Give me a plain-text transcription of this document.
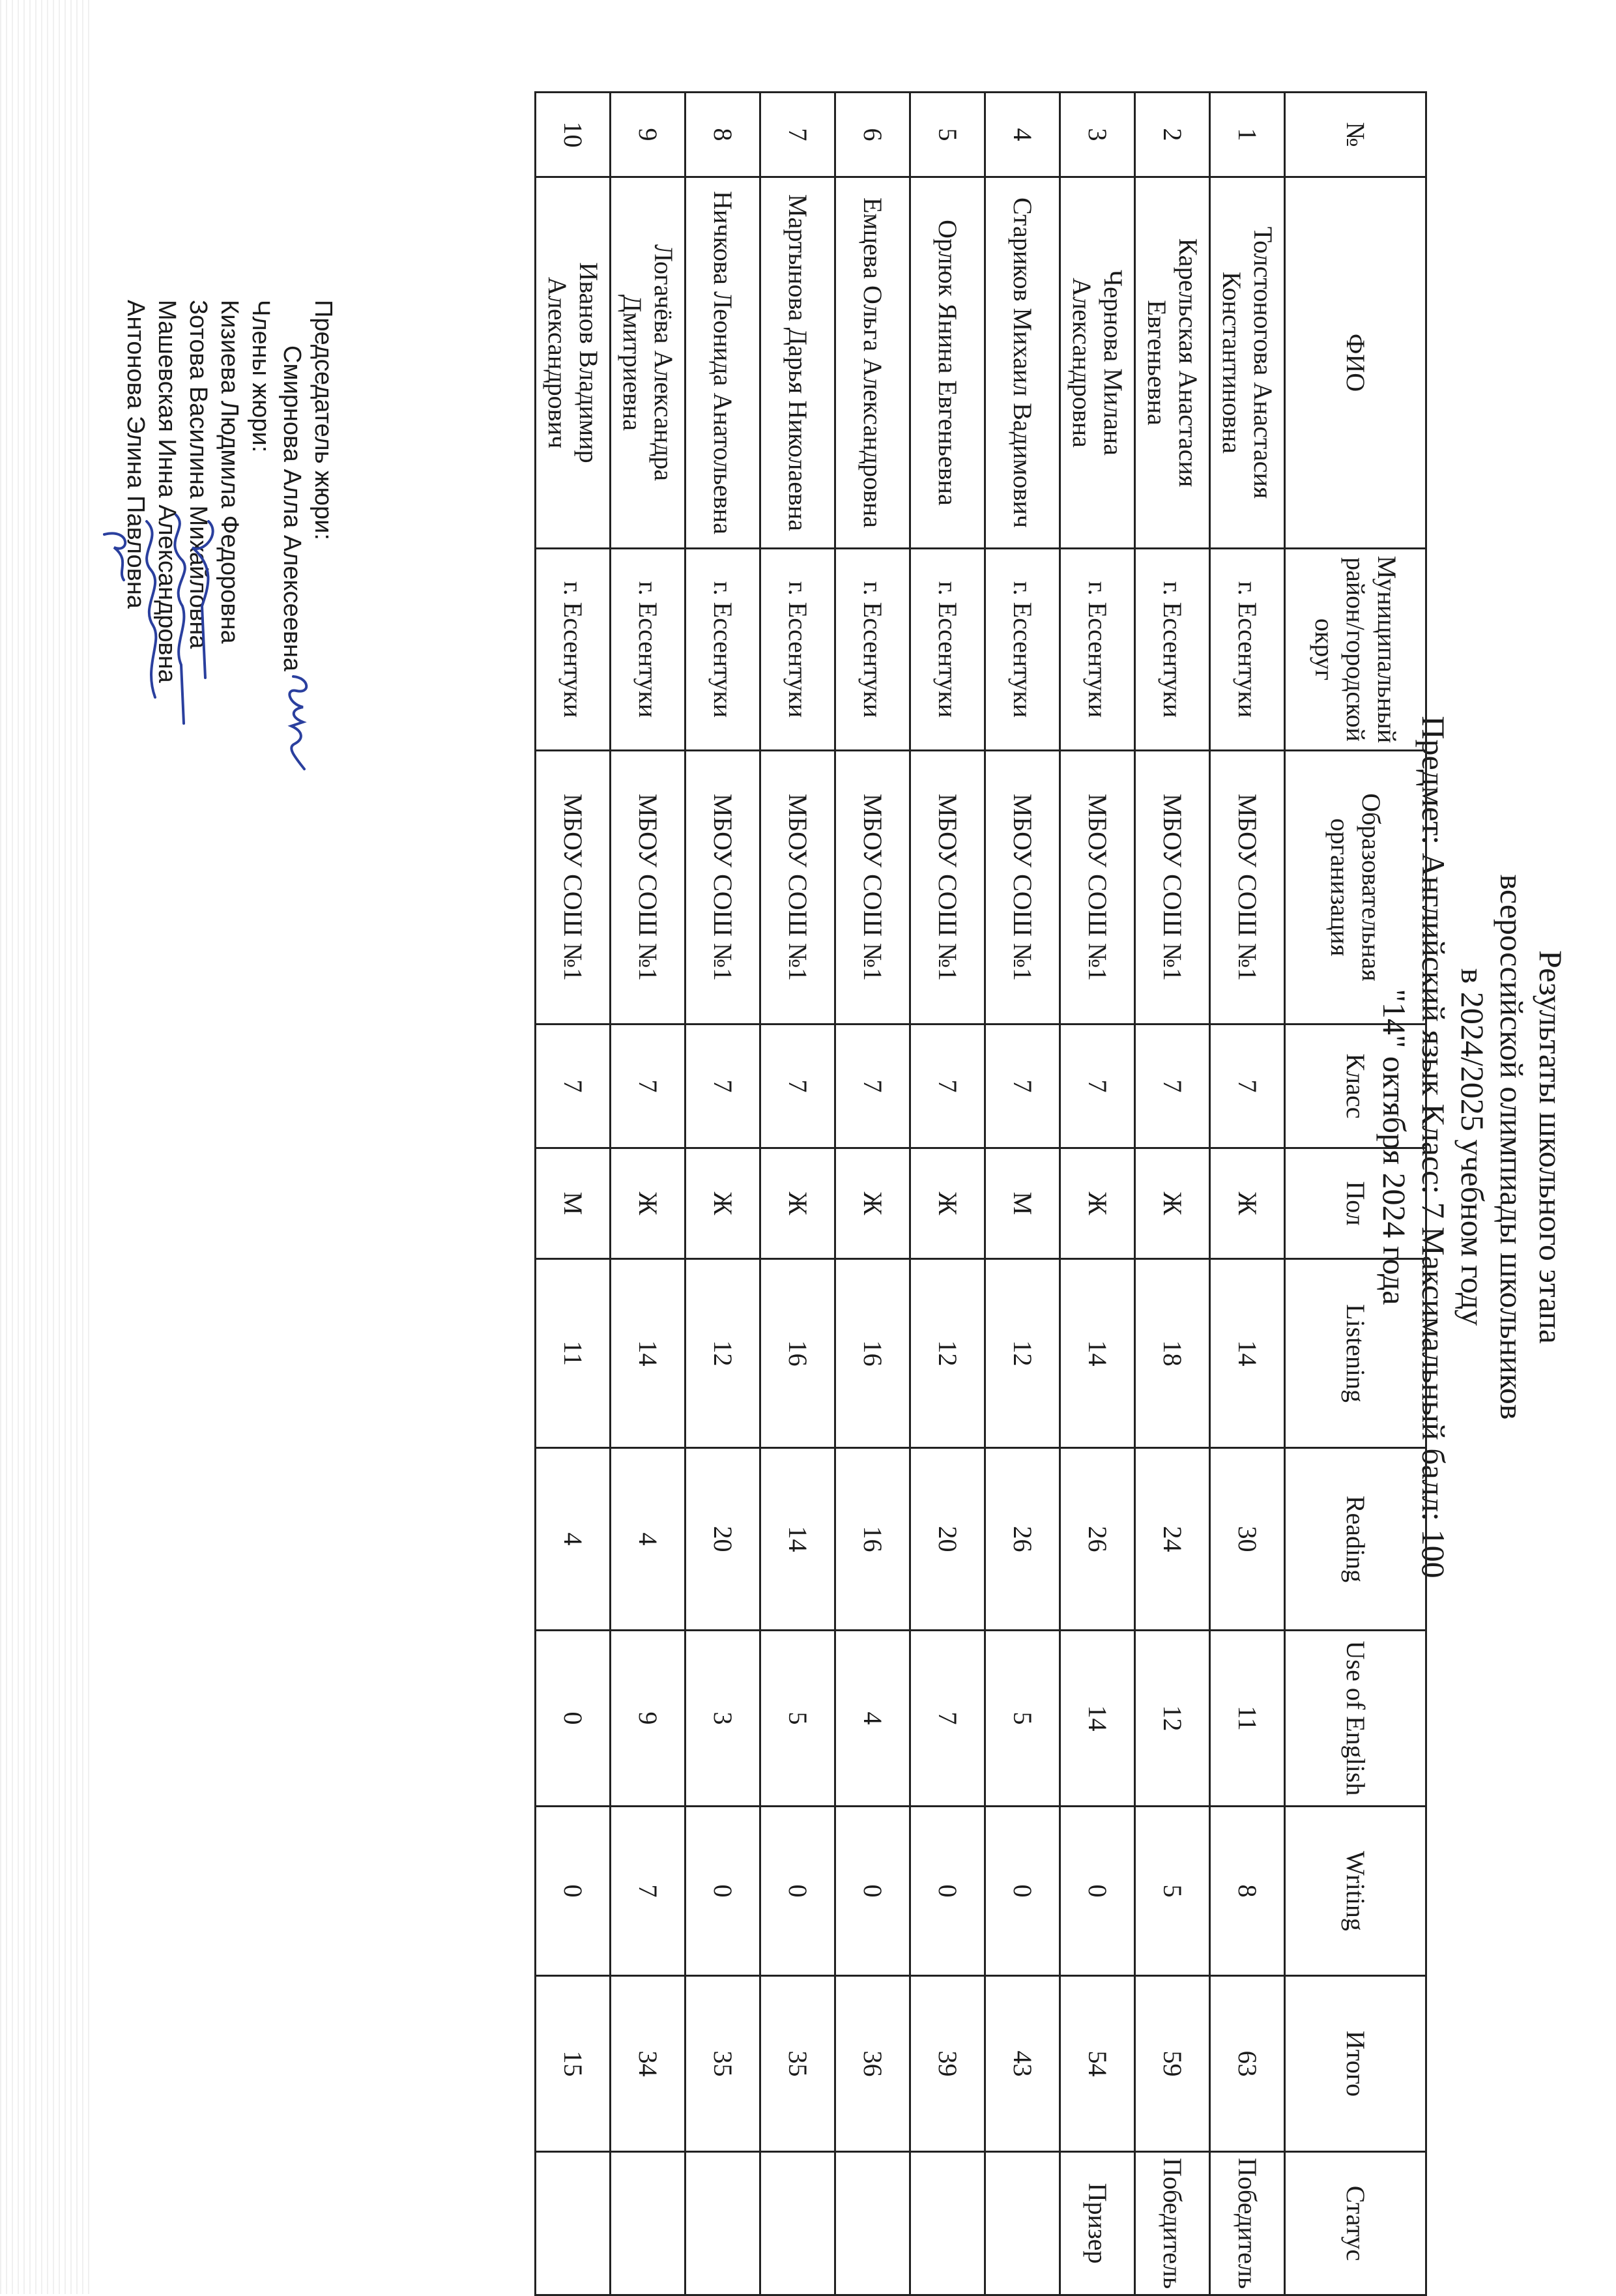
Результаты школьного этапа
всероссийской олимпиады школьников
в 2024/2025 учебном году
Предмет: Английский язык Класс: 7 Максимальный балл: 100
"14" октября 2024 года
№	ФИО	Муниципальный район/городской округ	Образовательная организация	Класс	Пол	Listening	Reading	Use of English	Writing	Итого	Статус
1	Толстоногова Анастасия Константиновна	г. Ессентуки	МБОУ СОШ №1	7	Ж	14	30	11	8	63	Победитель
2	Карельская Анастасия Евгеньевна	г. Ессентуки	МБОУ СОШ №1	7	Ж	18	24	12	5	59	Победитель
3	Чернова Милана Александровна	г. Ессентуки	МБОУ СОШ №1	7	Ж	14	26	14	0	54	Призер
4	Стариков Михаил Вадимович	г. Ессентуки	МБОУ СОШ №1	7	М	12	26	5	0	43	
5	Орлюк Янина Евгеньевна	г. Ессентуки	МБОУ СОШ №1	7	Ж	12	20	7	0	39	
6	Емцева Ольга Александровна	г. Ессентуки	МБОУ СОШ №1	7	Ж	16	16	4	0	36	
7	Мартынова Дарья Николаевна	г. Ессентуки	МБОУ СОШ №1	7	Ж	16	14	5	0	35	
8	Ничкова Леонида Анатольевна	г. Ессентуки	МБОУ СОШ №1	7	Ж	12	20	3	0	35	
9	Логачёва Александра Дмитриевна	г. Ессентуки	МБОУ СОШ №1	7	Ж	14	4	9	7	34	
10	Иванов Владимир Александрович	г. Ессентуки	МБОУ СОШ №1	7	М	11	4	0	0	15	
Председатель жюри:
Смирнова Алла Алексеевна
Члены жюри:
Кизиева Людмила Федоровна
Зотова Василина Михайловна
Машевская Инна Александровна
Антонова Элина Павловна
